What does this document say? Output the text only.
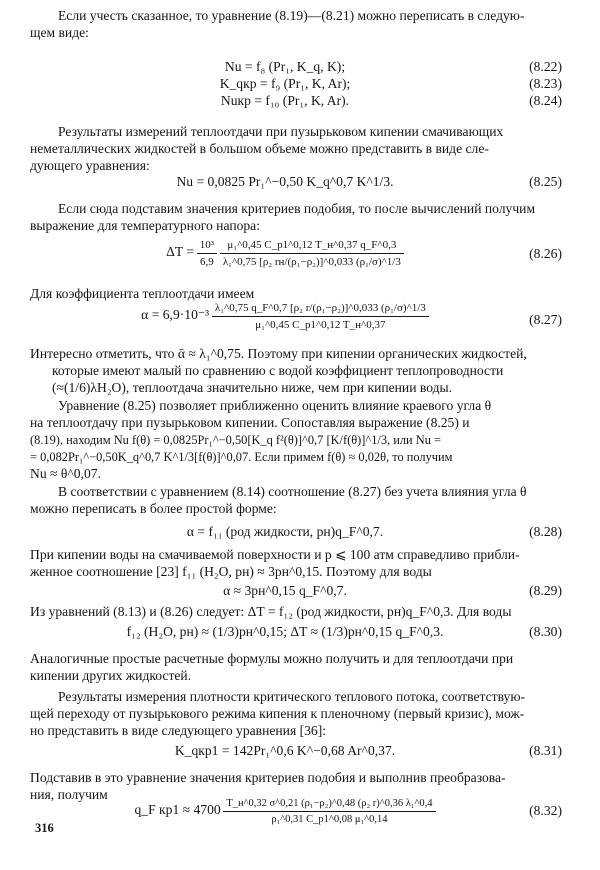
Если учесть сказанное, то уравнение (8.19)—(8.21) можно переписать в следую-
щем виде:
Nu = f₈ (Pr₁, K_q, K);	(8.22)
K_qкр = f₉ (Pr₁, K, Ar);	(8.23)
Nuкр = f₁₀ (Pr₁, K, Ar).	(8.24)
Результаты измерений теплоотдачи при пузырьковом кипении смачивающих
неметаллических жидкостей в большом объеме можно представить в виде сле-
дующего уравнения:
Nu = 0,0825 Pr₁^−0,50 K_q^0,7 K^1/3.	(8.25)
Если сюда подставим значения критериев подобия, то после вычислений получим
выражение для температурного напора:
$\Delta T = \frac{\text{10³}}{6,9}$
$\frac{\text{μ₁\textasciicircum{}0,45 C\_p1\textasciicircum{}0,12 T\_н\textasciicircum{}0,37 q\_F\textasciicircum{}0,3}}{\text{λ₁\textasciicircum{}0,75 [ρ₂ rн/(ρ₁−ρ₂)]\textasciicircum{}0,033 (ρ₁/σ)\textasciicircum{}1/3}}$	(8.26)
Для коэффициента теплоотдачи имеем
$\alpha = 6,9\cdot 10^{-3} \frac{\text{λ₁\textasciicircum{}0,75 q\_F\textasciicircum{}0,7 [ρ₂ r/(ρ₁−ρ₂)]\textasciicircum{}0,033 (ρ₁/σ)\textasciicircum{}1/3}}{\text{μ₁\textasciicircum{}0,45 C\_p1\textasciicircum{}0,12 T\_н\textasciicircum{}0,37}}$	(8.27)
Интересно отметить, что ᾱ ≈ λ₁^0,75. Поэтому при кипении органических жидкостей,
которые имеют малый по сравнению с водой коэффициент теплопроводности
(≈(1/6)λH₂O), теплоотдача значительно ниже, чем при кипении воды.
Уравнение (8.25) позволяет приближенно оценить влияние краевого угла θ
на теплоотдачу при пузырьковом кипении. Сопоставляя выражение (8.25) и
(8.19), находим Nu f(θ) = 0,0825Pr₁^−0,50[K_q f²(θ)]^0,7 [K/f(θ)]^1/3, или Nu =
= 0,082Pr₁^−0,50K_q^0,7 K^1/3[f(θ)]^0,07. Если примем f(θ) ≈ 0,02θ, то получим
Nu ≈ θ^0,07.
В соответствии с уравнением (8.14) соотношение (8.27) без учета влияния угла θ
можно переписать в более простой форме:
α = f₁₁ (род жидкости, pн)q_F^0,7.	(8.28)
При кипении воды на смачиваемой поверхности и p ⩽ 100 атм справедливо прибли-
женное соотношение [23] f₁₁ (H₂O, pн) ≈ 3pн^0,15. Поэтому для воды
α ≈ 3pн^0,15 q_F^0,7.	(8.29)
Из уравнений (8.13) и (8.26) следует: ΔT = f₁₂ (род жидкости, pн)q_F^0,3. Для воды
f₁₂ (H₂O, pн) ≈ (1/3)pн^0,15; ΔT ≈ (1/3)pн^0,15 q_F^0,3.	(8.30)
Аналогичные простые расчетные формулы можно получить и для теплоотдачи при
кипении других жидкостей.
Результаты измерения плотности критического теплового потока, соответствую-
щей переходу от пузырькового режима кипения к пленочному (первый кризис), мож-
но представить в виде следующего уравнения [36]:
K_qкр1 = 142Pr₁^0,6 K^−0,68 Ar^0,37.	(8.31)
Подставив в это уравнение значения критериев подобия и выполнив преобразова-
ния, получим
q_F $кр1 \approx 4700 \frac{\text{T\_н\textasciicircum{}0,32 σ\textasciicircum{}0,21 (ρ₁−ρ₂)\textasciicircum{}0,48 (ρ₂ r)\textasciicircum{}0,36 λ₁\textasciicircum{}0,4}}{\text{ρ₁\textasciicircum{}0,31 C\_p1\textasciicircum{}0,08 μ₁\textasciicircum{}0,14}}$	(8.32)
316
